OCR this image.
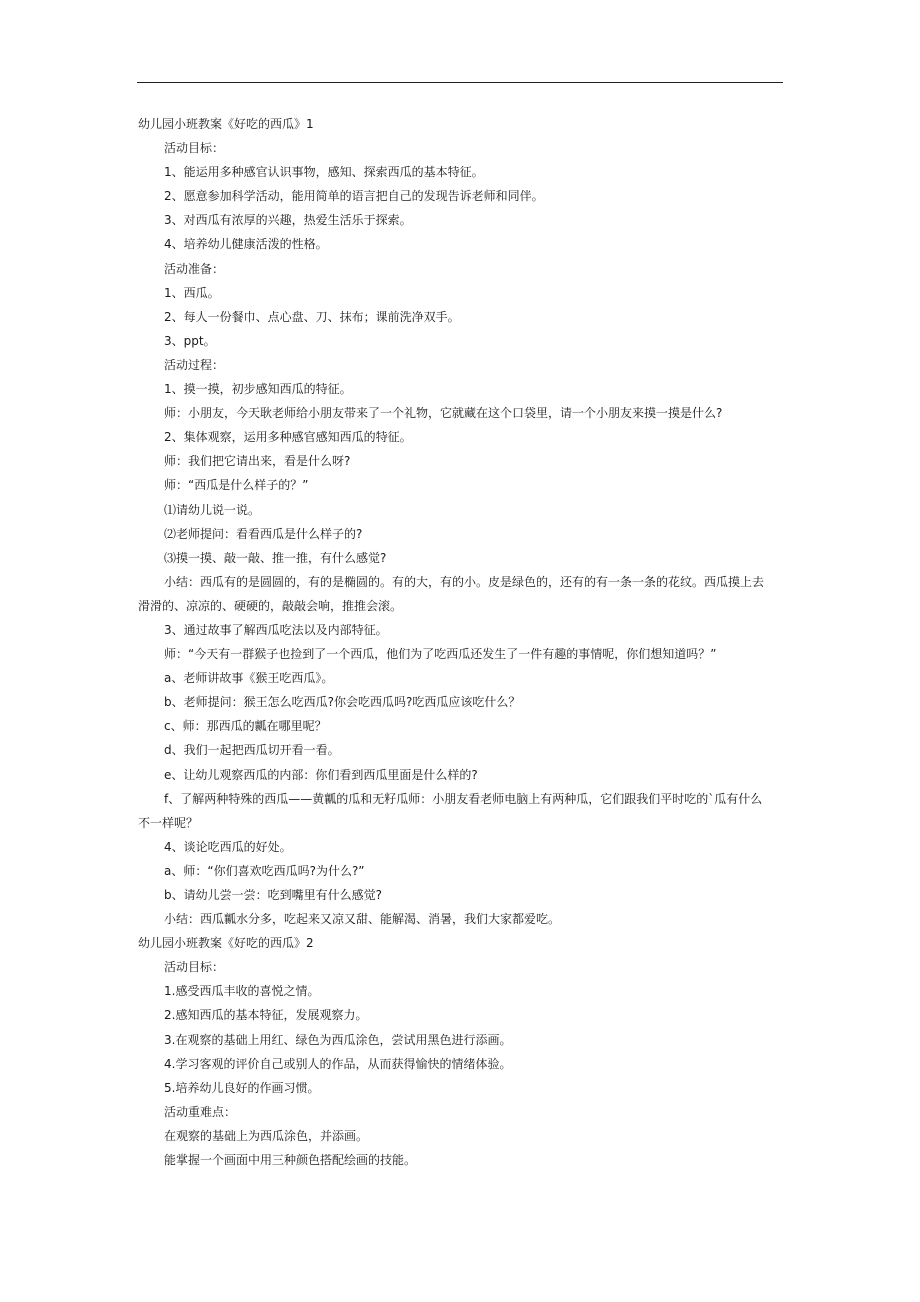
幼儿园小班教案《好吃的西瓜》1

活动目标：

1、能运用多种感官认识事物，感知、探索西瓜的基本特征。

2、愿意参加科学活动，能用简单的语言把自己的发现告诉老师和同伴。

3、对西瓜有浓厚的兴趣，热爱生活乐于探索。

4、培养幼儿健康活泼的性格。

活动准备：

1、西瓜。

2、每人一份餐巾、点心盘、刀、抹布；课前洗净双手。

3、ppt。

活动过程：

1、摸一摸，初步感知西瓜的特征。

师：小朋友，今天耿老师给小朋友带来了一个礼物，它就藏在这个口袋里，请一个小朋友来摸一摸是什么?

2、集体观察，运用多种感官感知西瓜的特征。

师：我们把它请出来，看是什么呀?

师：“西瓜是什么样子的？”

⑴请幼儿说一说。

⑵老师提问：看看西瓜是什么样子的?

⑶摸一摸、敲一敲、推一推，有什么感觉?

小结：西瓜有的是圆圆的，有的是椭圆的。有的大，有的小。皮是绿色的，还有的有一条一条的花纹。西瓜摸上去

滑滑的、凉凉的、硬硬的，敲敲会响，推推会滚。

3、通过故事了解西瓜吃法以及内部特征。

师：“今天有一群猴子也捡到了一个西瓜，他们为了吃西瓜还发生了一件有趣的事情呢，你们想知道吗？”

a、老师讲故事《猴王吃西瓜》。

b、老师提问：猴王怎么吃西瓜?你会吃西瓜吗?吃西瓜应该吃什么？

c、师：那西瓜的瓤在哪里呢？

d、我们一起把西瓜切开看一看。

e、让幼儿观察西瓜的内部：你们看到西瓜里面是什么样的?

f、了解两种特殊的西瓜——黄瓤的瓜和无籽瓜师：小朋友看老师电脑上有两种瓜，它们跟我们平时吃的`瓜有什么

不一样呢？

4、谈论吃西瓜的好处。

a、师：“你们喜欢吃西瓜吗?为什么?”

b、请幼儿尝一尝：吃到嘴里有什么感觉?

小结：西瓜瓤水分多，吃起来又凉又甜、能解渴、消暑，我们大家都爱吃。

幼儿园小班教案《好吃的西瓜》2

活动目标：

1.感受西瓜丰收的喜悦之情。

2.感知西瓜的基本特征，发展观察力。

3.在观察的基础上用红、绿色为西瓜涂色，尝试用黑色进行添画。

4.学习客观的评价自己或别人的作品，从而获得愉快的情绪体验。

5.培养幼儿良好的作画习惯。

活动重难点：

在观察的基础上为西瓜涂色，并添画。

能掌握一个画面中用三种颜色搭配绘画的技能。
